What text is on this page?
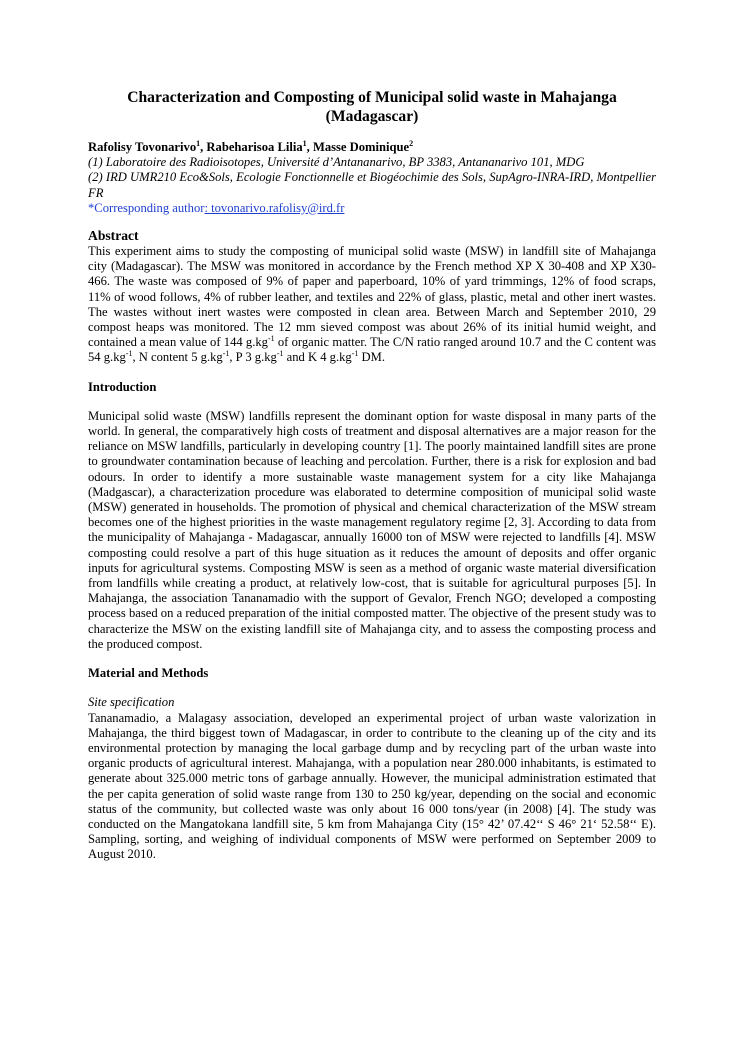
Characterization and Composting of Municipal solid waste in Mahajanga (Madagascar)

Rafolisy Tovonarivo$^1$, Rabeharisoa Lilia$^1$, Masse Dominique$^2$

(1) Laboratoire des Radioisotopes, Université d’Antananarivo, BP 3383, Antananarivo 101, MDG

(2) IRD UMR210 Eco&Sols, Ecologie Fonctionnelle et Biogéochimie des Sols, SupAgro-INRA-IRD, Montpellier FR

*Corresponding author: tovonarivo.rafolisy@ird.fr

Abstract

This experiment aims to study the composting of municipal solid waste (MSW) in landfill site of Mahajanga city (Madagascar). The MSW was monitored in accordance by the French method XP X 30-408 and XP X30-466. The waste was composed of 9% of paper and paperboard, 10% of yard trimmings, 12% of food scraps, 11% of wood follows, 4% of rubber leather, and textiles and 22% of glass, plastic, metal and other inert wastes. The wastes without inert wastes were composted in clean area. Between March and September 2010, 29 compost heaps was monitored. The 12 mm sieved compost was about 26% of its initial humid weight, and contained a mean value of 144 $g.kg^{-1}$ of organic matter. The C/N ratio ranged around 10.7 and the C content was 54 $g.kg^{-1}$, N content 5 $g.kg^{-1}$, P 3 $g.kg^{-1}$ and K 4 $g.kg^{-1}$ DM.

Introduction

Municipal solid waste (MSW) landfills represent the dominant option for waste disposal in many parts of the world. In general, the comparatively high costs of treatment and disposal alternatives are a major reason for the reliance on MSW landfills, particularly in developing country [1]. The poorly maintained landfill sites are prone to groundwater contamination because of leaching and percolation. Further, there is a risk for explosion and bad odours. In order to identify a more sustainable waste management system for a city like Mahajanga (Madgascar), a characterization procedure was elaborated to determine composition of municipal solid waste (MSW) generated in households. The promotion of physical and chemical characterization of the MSW stream becomes one of the highest priorities in the waste management regulatory regime [2, 3]. According to data from the municipality of Mahajanga - Madagascar, annually 16000 ton of MSW were rejected to landfills [4]. MSW composting could resolve a part of this huge situation as it reduces the amount of deposits and offer organic inputs for agricultural systems. Composting MSW is seen as a method of organic waste material diversification from landfills while creating a product, at relatively low-cost, that is suitable for agricultural purposes [5]. In Mahajanga, the association Tananamadio with the support of Gevalor, French NGO; developed a composting process based on a reduced preparation of the initial composted matter. The objective of the present study was to characterize the MSW on the existing landfill site of Mahajanga city, and to assess the composting process and the produced compost.

Material and Methods
Site specification

Tananamadio, a Malagasy association, developed an experimental project of urban waste valorization in Mahajanga, the third biggest town of Madagascar, in order to contribute to the cleaning up of the city and its environmental protection by managing the local garbage dump and by recycling part of the urban waste into organic products of agricultural interest. Mahajanga, with a population near 280.000 inhabitants, is estimated to generate about 325.000 metric tons of garbage annually. However, the municipal administration estimated that the per capita generation of solid waste range from 130 to 250 kg/year, depending on the social and economic status of the community, but collected waste was only about 16 000 tons/year (in 2008) [4]. The study was conducted on the Mangatokana landfill site, 5 km from Mahajanga City (15° 42’ 07.42‘‘ S 46° 21‘ 52.58‘‘ E). Sampling, sorting, and weighing of individual components of MSW were performed on September 2009 to August 2010.
